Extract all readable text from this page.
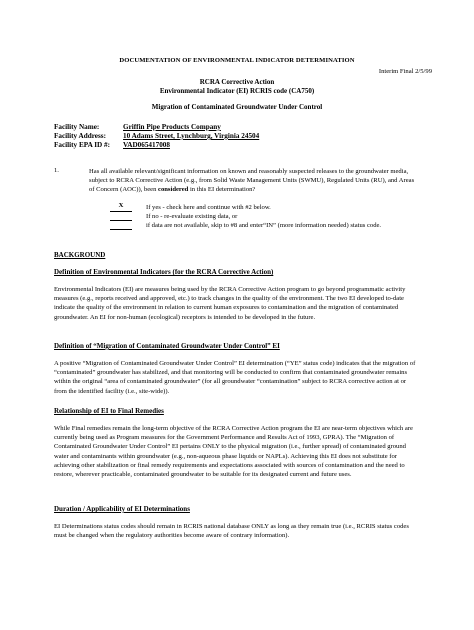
DOCUMENTATION OF ENVIRONMENTAL INDICATOR DETERMINATION
Interim Final 2/5/99
RCRA Corrective Action
Environmental Indicator (EI) RCRIS code (CA750)
Migration of Contaminated Groundwater Under Control
Facility Name:	Griffin Pipe Products Company
Facility Address: 10 Adams Street, Lynchburg, Virginia 24504
Facility EPA ID #: VAD065417008
1.	Has all available relevant/significant information on known and reasonably suspected releases to the groundwater media, subject to RCRA Corrective Action (e.g., from Solid Waste Management Units (SWMU), Regulated Units (RU), and Areas of Concern (AOC)), been considered in this EI determination?
X	If yes - check here and continue with #2 below.
If no - re-evaluate existing data, or
if data are not available, skip to #8 and enter“IN” (more information needed) status code.
BACKGROUND
Definition of Environmental Indicators (for the RCRA Corrective Action)
Environmental Indicators (EI) are measures being used by the RCRA Corrective Action program to go beyond programmatic activity measures (e.g., reports received and approved, etc.) to track changes in the quality of the environment. The two EI developed to-date indicate the quality of the environment in relation to current human exposures to contamination and the migration of contaminated groundwater. An EI for non-human (ecological) receptors is intended to be developed in the future.
Definition of “Migration of Contaminated Groundwater Under Control” EI
A positive “Migration of Contaminated Groundwater Under Control” EI determination (“YE” status code) indicates that the migration of “contaminated” groundwater has stabilized, and that monitoring will be conducted to confirm that contaminated groundwater remains within the original “area of contaminated groundwater” (for all groundwater “contamination” subject to RCRA corrective action at or from the identified facility (i.e., site-wide)).
Relationship of EI to Final Remedies
While Final remedies remain the long-term objective of the RCRA Corrective Action program the EI are near-term objectives which are currently being used as Program measures for the Government Performance and Results Act of 1993, GPRA). The “Migration of Contaminated Groundwater Under Control” EI pertains ONLY to the physical migration (i.e., further spread) of contaminated ground water and contaminants within groundwater (e.g., non-aqueous phase liquids or NAPLs). Achieving this EI does not substitute for achieving other stabilization or final remedy requirements and expectations associated with sources of contamination and the need to restore, wherever practicable, contaminated groundwater to be suitable for its designated current and future uses.
Duration / Applicability of EI Determinations
EI Determinations status codes should remain in RCRIS national database ONLY as long as they remain true (i.e., RCRIS status codes must be changed when the regulatory authorities become aware of contrary information).
